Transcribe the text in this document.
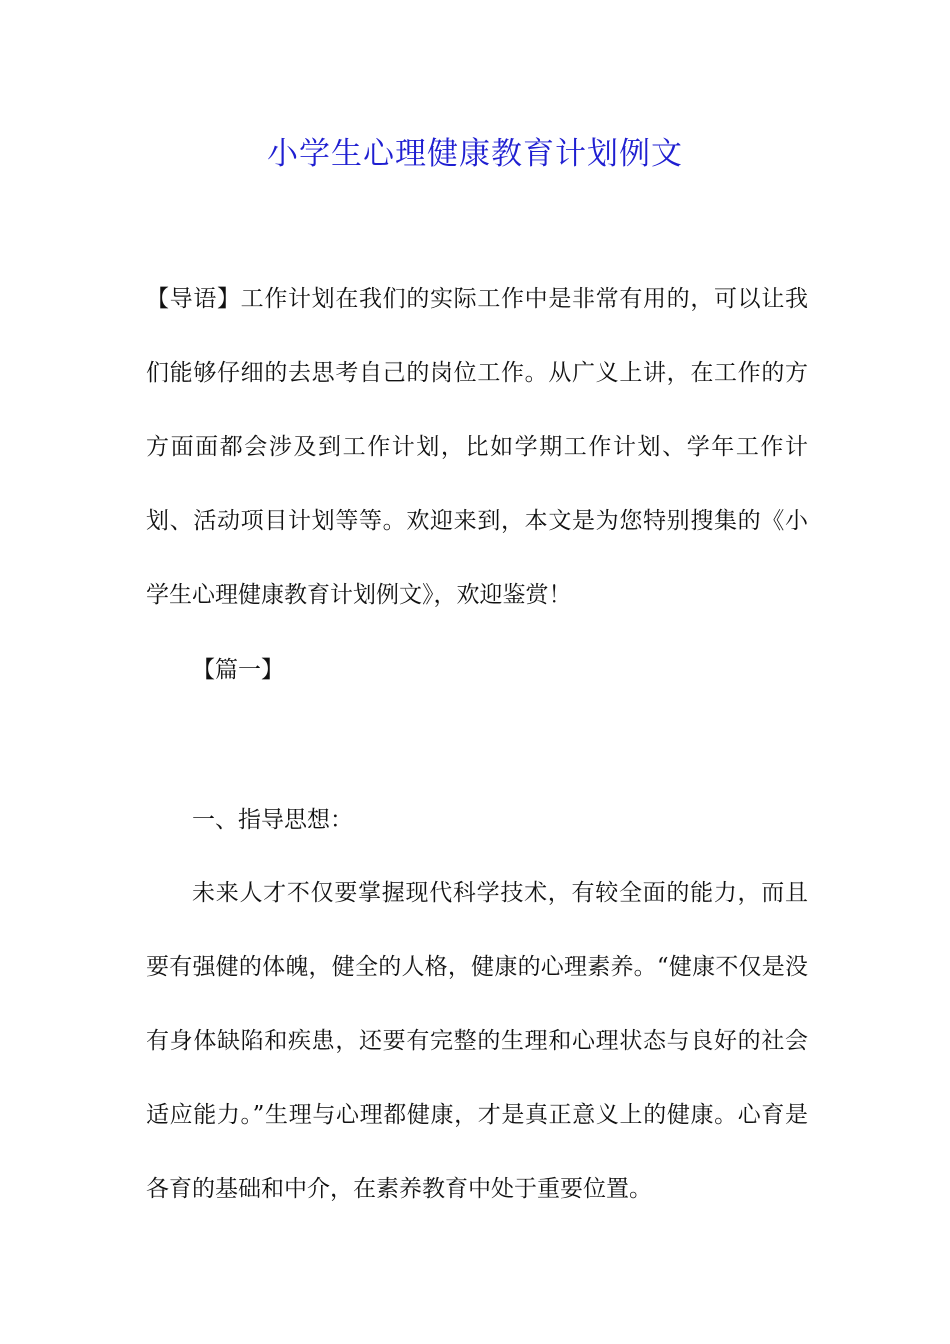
小学生心理健康教育计划例文

【导语】工作计划在我们的实际工作中是非常有用的，可以让我们能够仔细的去思考自己的岗位工作。从广义上讲，在工作的方方面面都会涉及到工作计划，比如学期工作计划、学年工作计划、活动项目计划等等。欢迎来到，本文是为您特别搜集的《小学生心理健康教育计划例文》，欢迎鉴赏！

【篇一】
一、指导思想：

未来人才不仅要掌握现代科学技术，有较全面的能力，而且要有强健的体魄，健全的人格，健康的心理素养。“健康不仅是没有身体缺陷和疾患，还要有完整的生理和心理状态与良好的社会适应能力。”生理与心理都健康，才是真正意义上的健康。心育是各育的基础和中介，在素养教育中处于重要位置。
